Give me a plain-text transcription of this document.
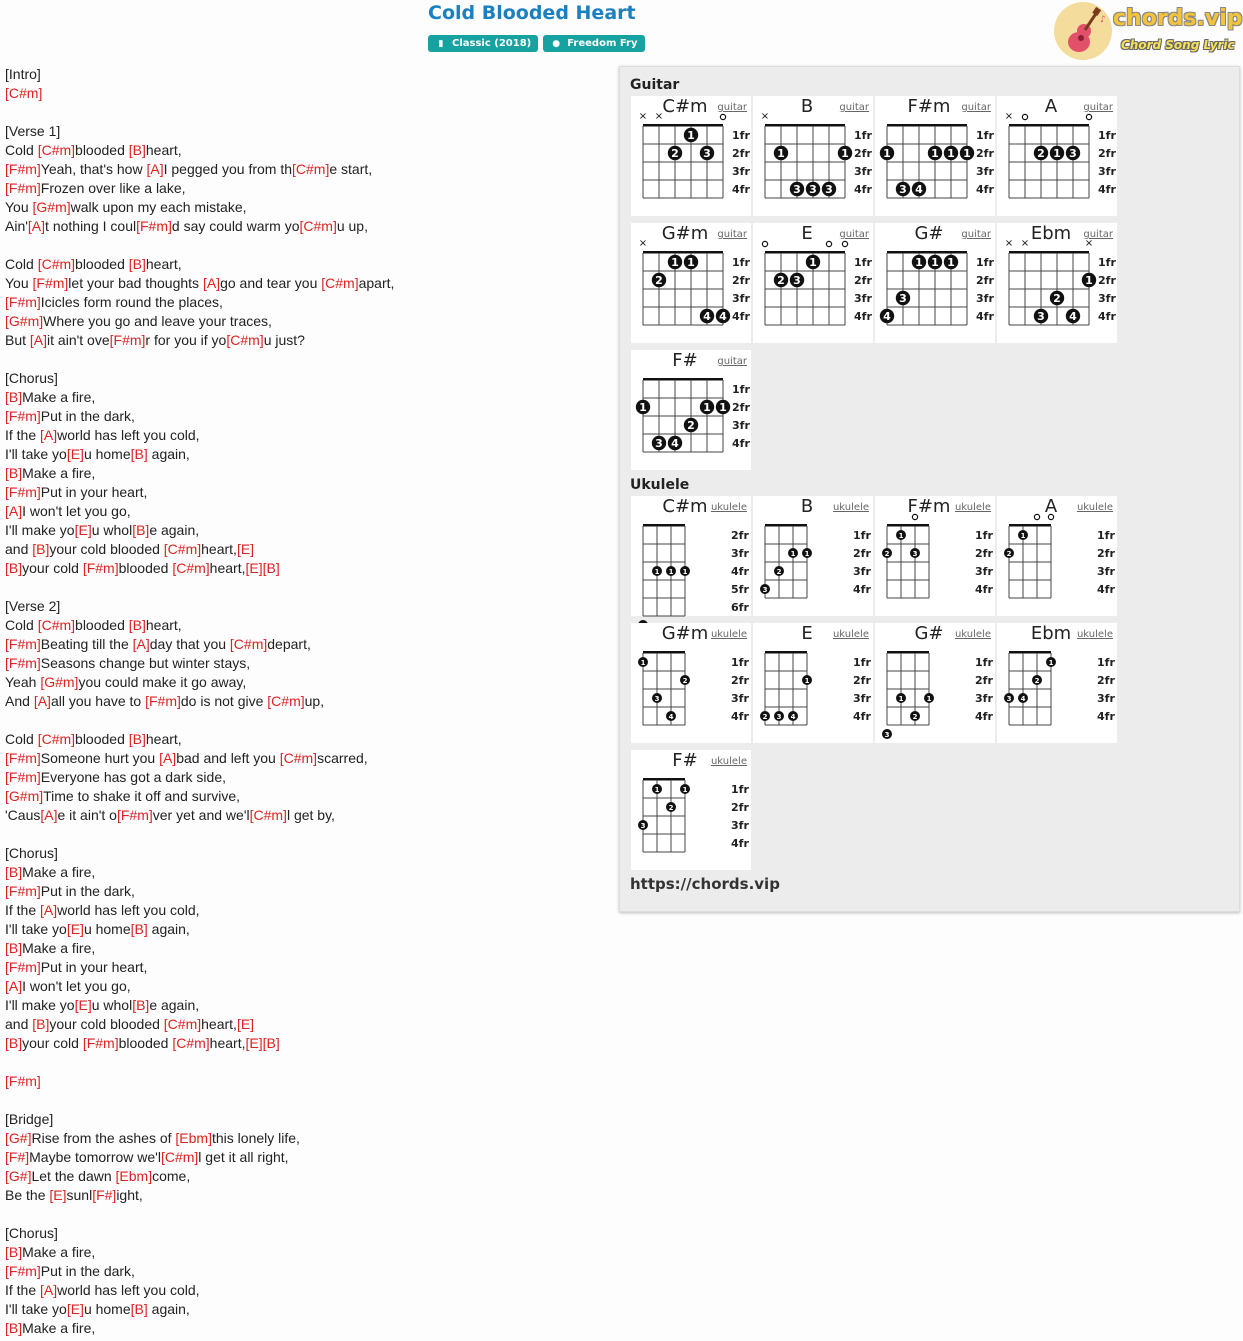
Cold Blooded Heart
▮ Classic (2018) ● Freedom Fry
♪ chords.vip
Chord Song Lyric
[Intro]
[C#m]
[Verse 1]
Cold [C#m]blooded [B]heart,
[F#m]Yeah, that's how [A]I pegged you from th[C#m]e start,
[F#m]Frozen over like a lake,
You [G#m]walk upon my each mistake,
Ain'[A]t nothing I coul[F#m]d say could warm yo[C#m]u up,
Cold [C#m]blooded [B]heart,
You [F#m]let your bad thoughts [A]go and tear you [C#m]apart,
[F#m]Icicles form round the places,
[G#m]Where you go and leave your traces,
But [A]it ain't ove[F#m]r for you if yo[C#m]u just?
[Chorus]
[B]Make a fire,
[F#m]Put in the dark,
If the [A]world has left you cold,
I'll take yo[E]u home[B] again,
[B]Make a fire,
[F#m]Put in your heart,
[A]I won't let you go,
I'll make yo[E]u whol[B]e again,
and [B]your cold blooded [C#m]heart,[E]
[B]your cold [F#m]blooded [C#m]heart,[E][B]
[Verse 2]
Cold [C#m]blooded [B]heart,
[F#m]Beating till the [A]day that you [C#m]depart,
[F#m]Seasons change but winter stays,
Yeah [G#m]you could make it go away,
And [A]all you have to [F#m]do is not give [C#m]up,
Cold [C#m]blooded [B]heart,
[F#m]Someone hurt you [A]bad and left you [C#m]scarred,
[F#m]Everyone has got a dark side,
[G#m]Time to shake it off and survive,
'Caus[A]e it ain't o[F#m]ver yet and we'l[C#m]l get by,
[Chorus]
[B]Make a fire,
[F#m]Put in the dark,
If the [A]world has left you cold,
I'll take yo[E]u home[B] again,
[B]Make a fire,
[F#m]Put in your heart,
[A]I won't let you go,
I'll make yo[E]u whol[B]e again,
and [B]your cold blooded [C#m]heart,[E]
[B]your cold [F#m]blooded [C#m]heart,[E][B]
[F#m]
[Bridge]
[G#]Rise from the ashes of [Ebm]this lonely life,
[F#]Maybe tomorrow we'l[C#m]l get it all right,
[G#]Let the dawn [Ebm]come,
Be the [E]sunl[F#]ight,
[Chorus]
[B]Make a fire,
[F#m]Put in the dark,
If the [A]world has left you cold,
I'll take yo[E]u home[B] again,
[B]Make a fire,
Guitar
Ukulele
https://chords.vip
1fr
2fr
3fr
4fr
× ×
1
2 3
C#m guitar
1fr
2fr
3fr
4fr
×
1	1
3 3 3
B	guitar
1fr
2fr
3fr
4fr
1	1 1 1
3 4
F#m	guitar
1fr
2fr
3fr
4fr
×
2 1 3
A	guitar
1fr
2fr
3fr
4fr
×
1 1
2
4 4
G#m guitar
1fr
2fr
3fr
4fr
1
2 3
E	guitar
1fr
2fr
3fr
4fr
1 1 1
3
4
G#	guitar
1fr
2fr
3fr
4fr
× ×	×
1
2
3 4
Ebm	guitar
1fr
2fr
3fr
4fr
1	1 1
2
3 4
F#	guitar
2fr
3fr
4fr
5fr
6fr
1 1 1
C#m ukulele
1fr
2fr
3fr
4fr
1 1
2
3
B	ukulele
1fr
2fr
3fr
4fr
1
2	3
F#m ukulele
1fr
2fr
3fr
4fr
1
2
A	ukulele
1fr
2fr
3fr
4fr
1
2
3
4
G#m ukulele
1fr
2fr
3fr
4fr
1
2 3 4
E	ukulele
1fr
2fr
3fr
4fr
1	1
2
3
G#	ukulele
1fr
2fr
3fr
4fr
1
2
3 4
Ebm ukulele
1fr
2fr
3fr
4fr
1	1
2
3
F#	ukulele
